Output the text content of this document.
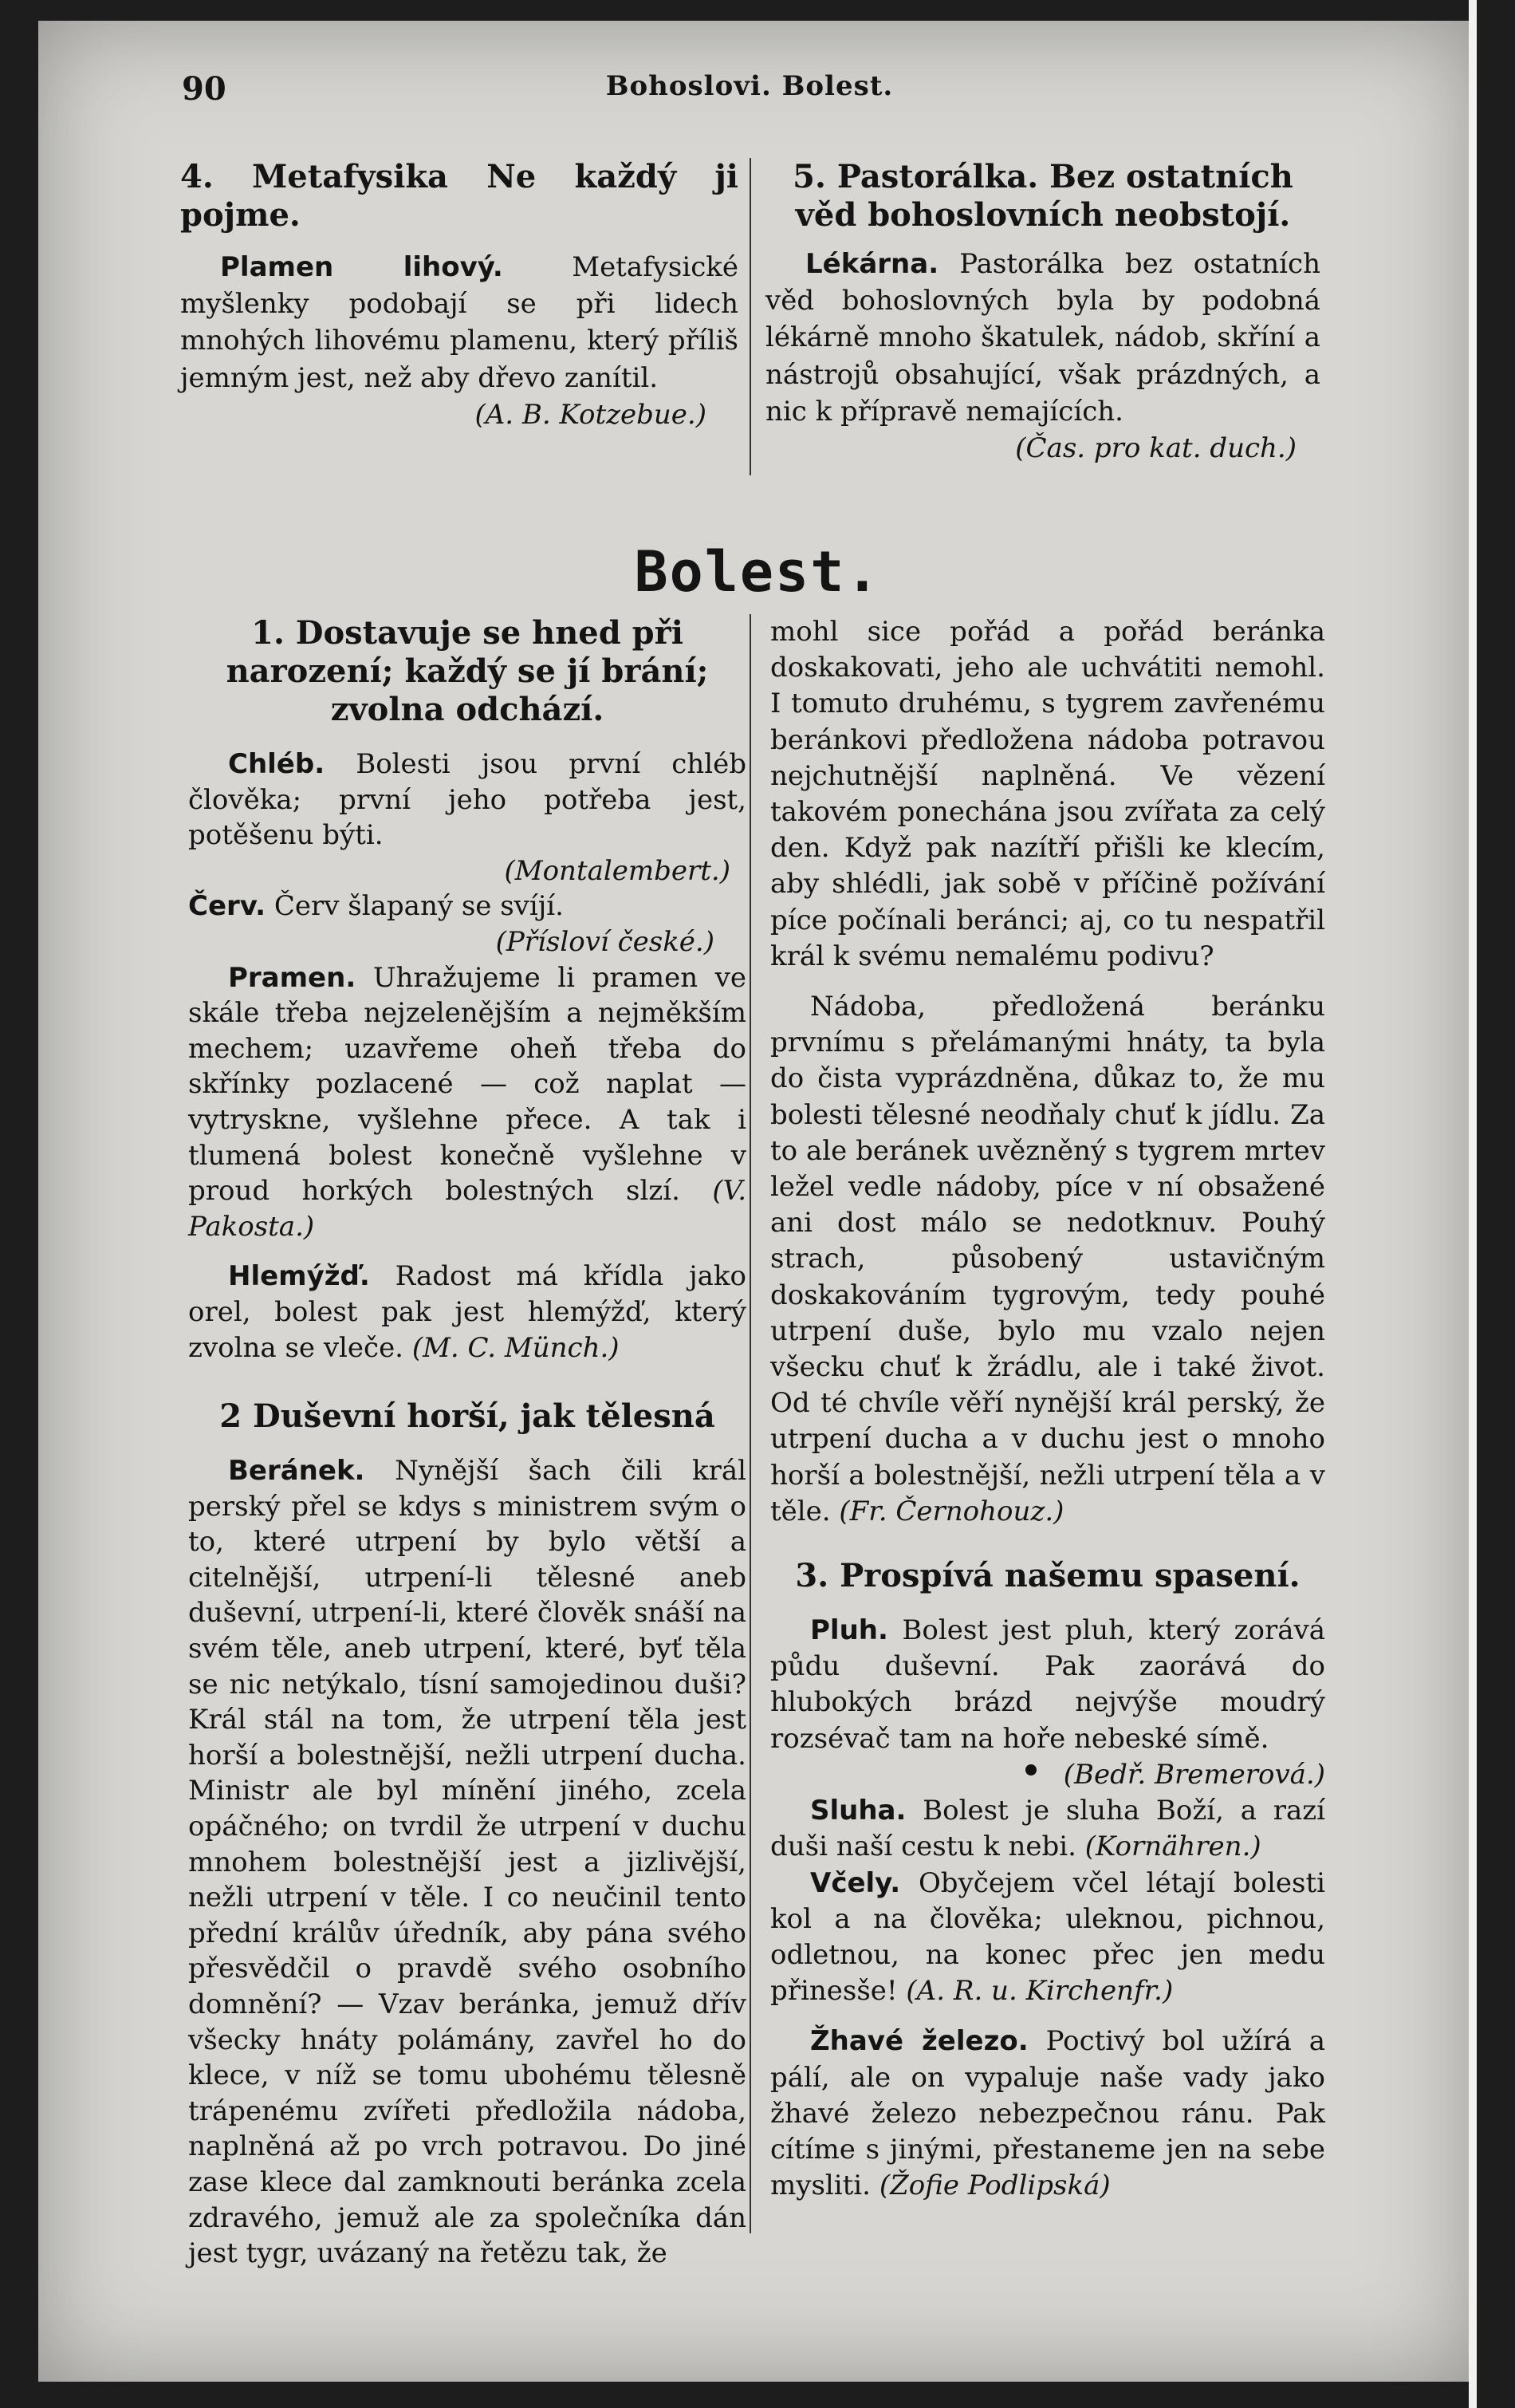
90	Bohoslovi. Bolest.
4. Metafysika Ne každý ji pojme.

Plamen lihový.	Metafysické myšlenky podobají se při lidech mnohých lihovému plamenu, který příliš jemným jest, než aby dřevo zanítil.

(A. B. Kotzebue.)

5. Pastorálka. Bez ostatních věd bohoslovních neobstojí.

Lékárna. Pastorálka bez ostatních věd bohoslovných byla by podobná lékárně mnoho škatulek, nádob, skříní a nástrojů obsahující, však prázdných, a nic k přípravě nemajících.

(Čas. pro kat. duch.)

Bolest.
1. Dostavuje se hned při narození; každý se jí brání; zvolna odchází.

Chléb. Bolesti jsou první chléb člověka; první jeho potřeba jest, potěšenu býti.

(Montalembert.)

Červ. Červ šlapaný se svíjí.

(Přísloví české.)

Pramen. Uhražujeme li pramen ve skále třeba nejzelenějším a nejměkším mechem; uzavřeme oheň třeba do skřínky pozlacené — což naplat — vytryskne, vyšlehne přece. A tak i tlumená bolest konečně vyšlehne v proud horkých bolestných slzí. (V. Pakosta.)

Hlemýžď. Radost má křídla jako orel, bolest pak jest hlemýžď, který zvolna se vleče. (M. C. Münch.)

2 Duševní horší, jak tělesná

Beránek. Nynější šach čili král perský přel se kdys s ministrem svým o to, které utrpení by bylo větší a citelnější, utrpení-li tělesné aneb duševní, utrpení-li, které člověk snáší na svém těle, aneb utrpení, které, byť těla se nic netýkalo, tísní samojedinou duši? Král stál na tom, že utrpení těla jest horší a bolestnější, nežli utrpení ducha. Ministr ale byl mínění jiného, zcela opáčného; on tvrdil že utrpení v duchu mnohem bolestnější jest a jizlivější, nežli utrpení v těle. I co neučinil tento přední králův úředník, aby pána svého přesvědčil o pravdě svého osobního domnění? — Vzav beránka, jemuž dřív všecky hnáty polámány, zavřel ho do klece, v níž se tomu ubohému tělesně trápenému zvířeti předložila nádoba, naplněná až po vrch potravou. Do jiné zase klece dal zamknouti beránka zcela zdravého, jemuž ale za společníka dán jest tygr, uvázaný na řetězu tak, že

mohl sice pořád a pořád beránka doskakovati, jeho ale uchvátiti nemohl. I tomuto druhému, s tygrem zavřenému beránkovi předložena nádoba potravou nejchutnější naplněná. Ve vězení takovém ponechána jsou zvířata za celý den. Když pak nazítří přišli ke klecím, aby shlédli, jak sobě v příčině požívání píce počínali beránci; aj, co tu nespatřil král k svému nemalému podivu?

Nádoba, předložená beránku prvnímu s přelámanými hnáty, ta byla do čista vyprázdněna, důkaz to, že mu bolesti tělesné neodňaly chuť k jídlu. Za to ale beránek uvězněný s tygrem mrtev ležel vedle nádoby, píce v ní obsažené ani dost málo se nedotknuv. Pouhý strach, působený ustavičným doskakováním tygrovým, tedy pouhé utrpení duše, bylo mu vzalo nejen všecku chuť k žrádlu, ale i také život. Od té chvíle věří nynější král perský, že utrpení ducha a v duchu jest o mnoho horší a bolestnější, nežli utrpení těla a v těle. (Fr. Černohouz.)

3. Prospívá našemu spasení.

Pluh. Bolest jest pluh, který zorává půdu duševní. Pak zaorává do hlubokých brázd nejvýše moudrý rozsévač tam na hoře nebeské símě.

(Bedř. Bremerová.)

Sluha. Bolest je sluha Boží, a razí duši naší cestu k nebi. (Kornähren.)

Včely. Obyčejem včel létají bolesti kol a na člověka; uleknou, pichnou, odletnou, na konec přec jen medu přinesše! (A. R. u. Kirchenfr.)

Žhavé železo. Poctivý bol užírá a pálí, ale on vypaluje naše vady jako žhavé železo nebezpečnou ránu. Pak cítíme s jinými, přestaneme jen na sebe mysliti. (Žofie Podlipská)
